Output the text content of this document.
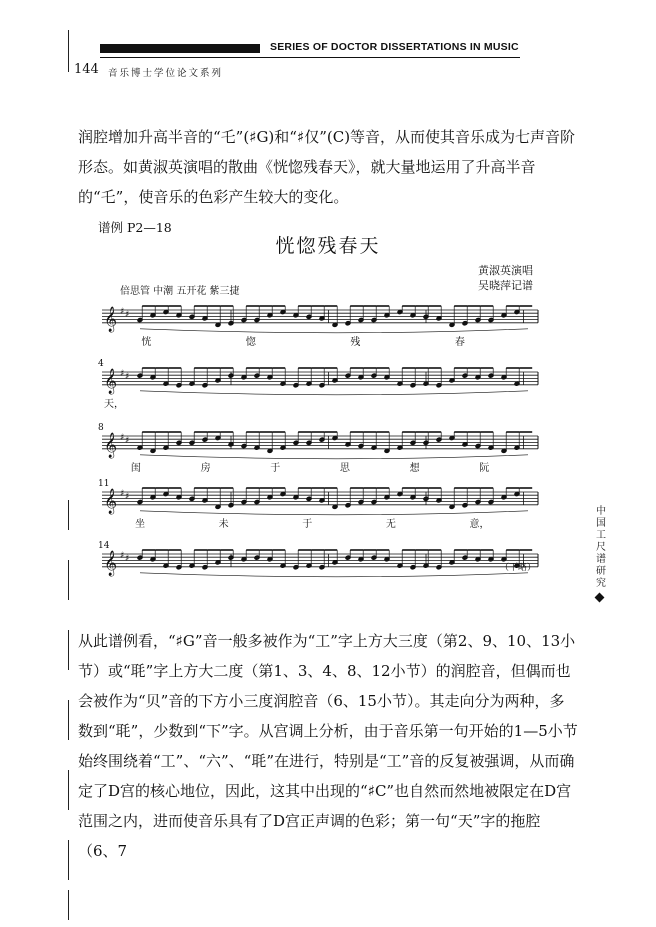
SERIES OF DOCTOR DISSERTATIONS IN MUSIC
144 音乐博士学位论文系列
中国工尺谱研究

润腔增加升高半音的“乇”(♯G)和“♯仅”(C)等音，从而使其音乐成为七声音阶形态。如黄淑英演唱的散曲《恍惚残春天》，就大量地运用了升高半音的“乇”，使音乐的色彩产生较大的变化。

谱例 P2—18
恍惚残春天
黄淑英演唱
吴晓萍记谱
倍思管 中潮 五开花 紫三捷
𝄞 ♯ ♯
恍	惚	残	春
𝄞 ♯ ♯
4
天，
𝄞 ♯ ♯
8
闺	房	于	思	想	阮
𝄞 ♯ ♯
11
坐	未	于	无	意，
𝄞 ♯ ♯
14
（下略）

从此谱例看，“♯G”音一般多被作为“工”字上方大三度（第2、9、10、13小节）或“毦”字上方大二度（第1、3、4、8、12小节）的润腔音，但偶而也会被作为“贝”音的下方小三度润腔音（6、15小节）。其走向分为两种，多数到“毦”，少数到“下”字。从宫调上分析，由于音乐第一句开始的1—5小节始终围绕着“工”、“六”、“毦”在进行，特别是“工”音的反复被强调，从而确定了D宫的核心地位，因此，这其中出现的“♯C”也自然而然地被限定在D宫范围之内，进而使音乐具有了D宫正声调的色彩；第一句“天”字的拖腔（6、7
